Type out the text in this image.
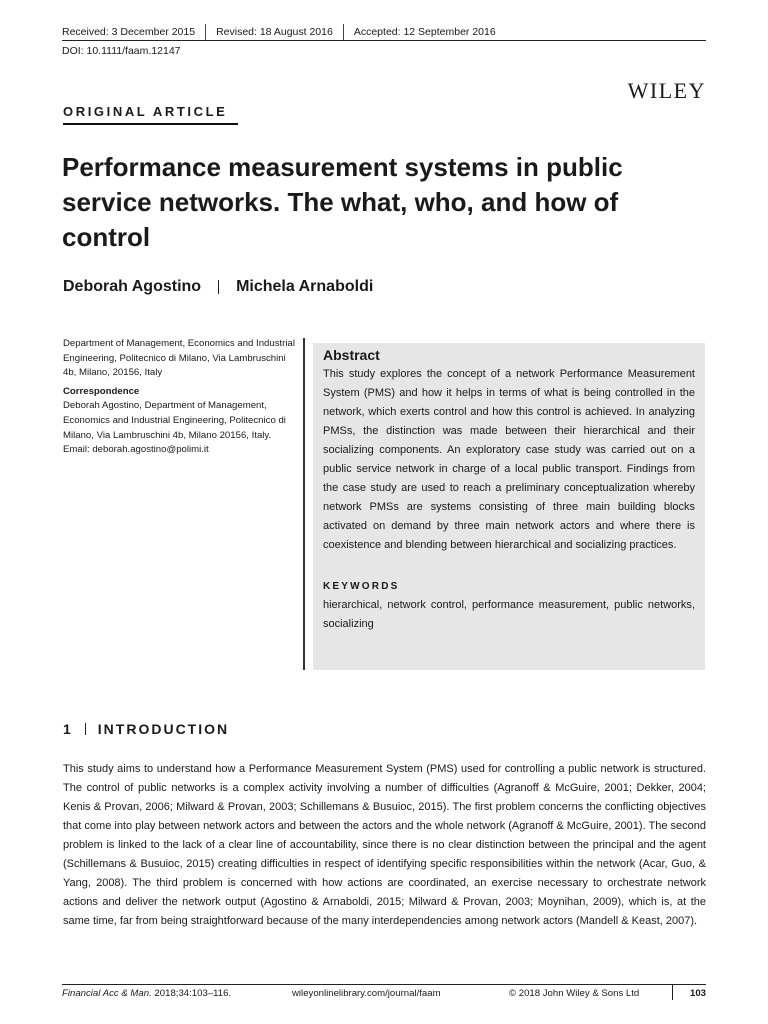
Received: 3 December 2015 Revised: 18 August 2016 Accepted: 12 September 2016
DOI: 10.1111/faam.12147
WILEY
ORIGINAL ARTICLE
Performance measurement systems in public service networks. The what, who, and how of control
Deborah Agostino Michela Arnaboldi

Department of Management, Economics and Industrial Engineering, Politecnico di Milano, Via Lambruschini 4b, Milano, 20156, Italy

Correspondence

Deborah Agostino, Department of Management, Economics and Industrial Engineering, Politecnico di Milano, Via Lambruschini 4b, Milano 20156, Italy.

Email: deborah.agostino@polimi.it

Abstract

This study explores the concept of a network Performance Measurement System (PMS) and how it helps in terms of what is being controlled in the network, which exerts control and how this control is achieved. In analyzing PMSs, the distinction was made between their hierarchical and their socializing components. An exploratory case study was carried out on a public service network in charge of a local public transport. Findings from the case study are used to reach a preliminary conceptualization whereby network PMSs are systems consisting of three main building blocks activated on demand by three main network actors and where there is coexistence and blending between hierarchical and socializing practices.

KEYWORDS

hierarchical, network control, performance measurement, public networks, socializing

1 INTRODUCTION

This study aims to understand how a Performance Measurement System (PMS) used for controlling a public network is structured. The control of public networks is a complex activity involving a number of difficulties (Agranoff & McGuire, 2001; Dekker, 2004; Kenis & Provan, 2006; Milward & Provan, 2003; Schillemans & Busuioc, 2015). The first problem concerns the conflicting objectives that come into play between network actors and between the actors and the whole network (Agranoff & McGuire, 2001). The second problem is linked to the lack of a clear line of accountability, since there is no clear distinction between the principal and the agent (Schillemans & Busuioc, 2015) creating difficulties in respect of identifying specific responsibilities within the network (Acar, Guo, & Yang, 2008). The third problem is concerned with how actions are coordinated, an exercise necessary to orchestrate network actions and deliver the network output (Agostino & Arnaboldi, 2015; Milward & Provan, 2003; Moynihan, 2009), which is, at the same time, far from being straightforward because of the many interdependencies among network actors (Mandell & Keast, 2007).

Financial Acc & Man. 2018;34:103–116.	wileyonlinelibrary.com/journal/faam	© 2018 John Wiley & Sons Ltd	103
